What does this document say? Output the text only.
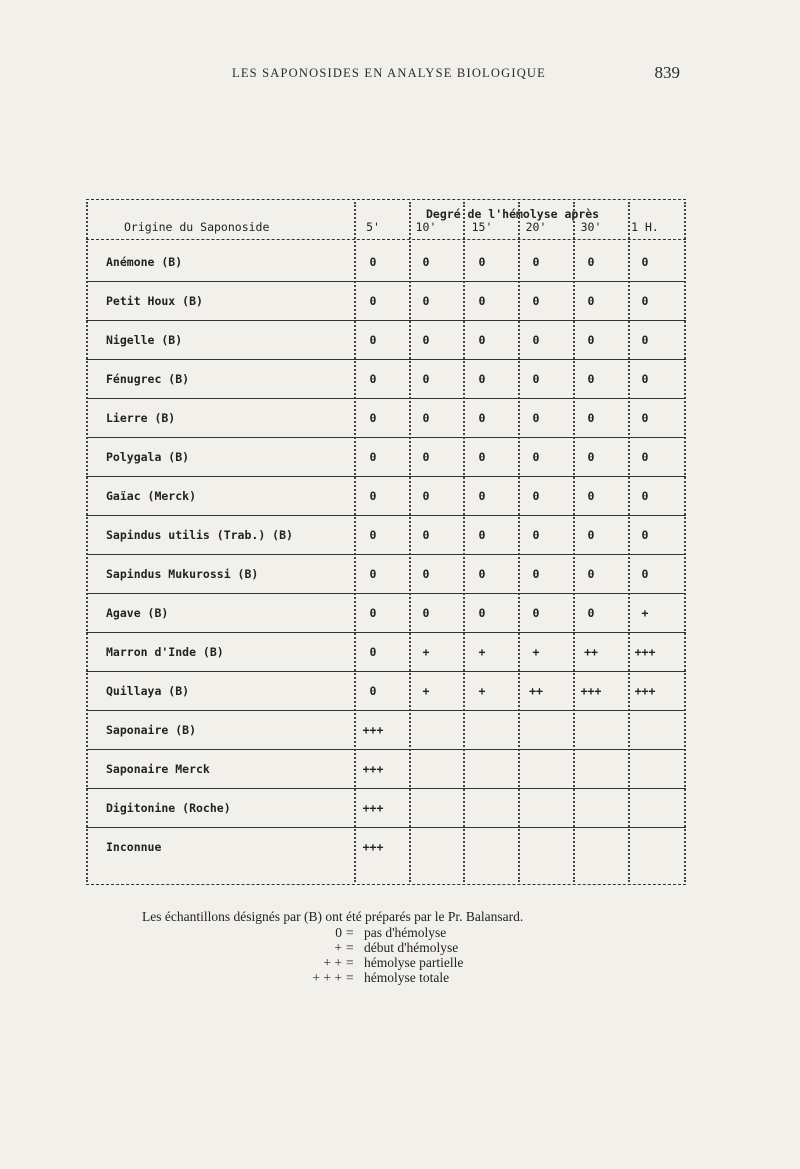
LES SAPONOSIDES EN ANALYSE BIOLOGIQUE	839
Origine du Saponoside
Degré de l'hémolyse après
5'	10'	15'	20'	30'	1 H.
Anémone (B)	0	0	0	0	0	0
Petit Houx (B)	0	0	0	0	0	0
Nigelle (B)	0	0	0	0	0	0
Fénugrec (B)	0	0	0	0	0	0
Lierre (B)	0	0	0	0	0	0
Polygala (B)	0	0	0	0	0	0
Gaïac (Merck)	0	0	0	0	0	0
Sapindus utilis (Trab.) (B)	0	0	0	0	0	0
Sapindus Mukurossi (B)	0	0	0	0	0	0
Agave (B)	0	0	0	0	0	+
Marron d'Inde (B)	0	+	+	+	++	+++
Quillaya (B)	0	+	+	++	+++	+++
Saponaire (B)	+++
Saponaire Merck	+++
Digitonine (Roche)	+++
Inconnue	+++
Les échantillons désignés par (B) ont été préparés par le Pr. Balansard.
0 = pas d'hémolyse
+ = début d'hémolyse
+ + = hémolyse partielle
+ + + = hémolyse totale
